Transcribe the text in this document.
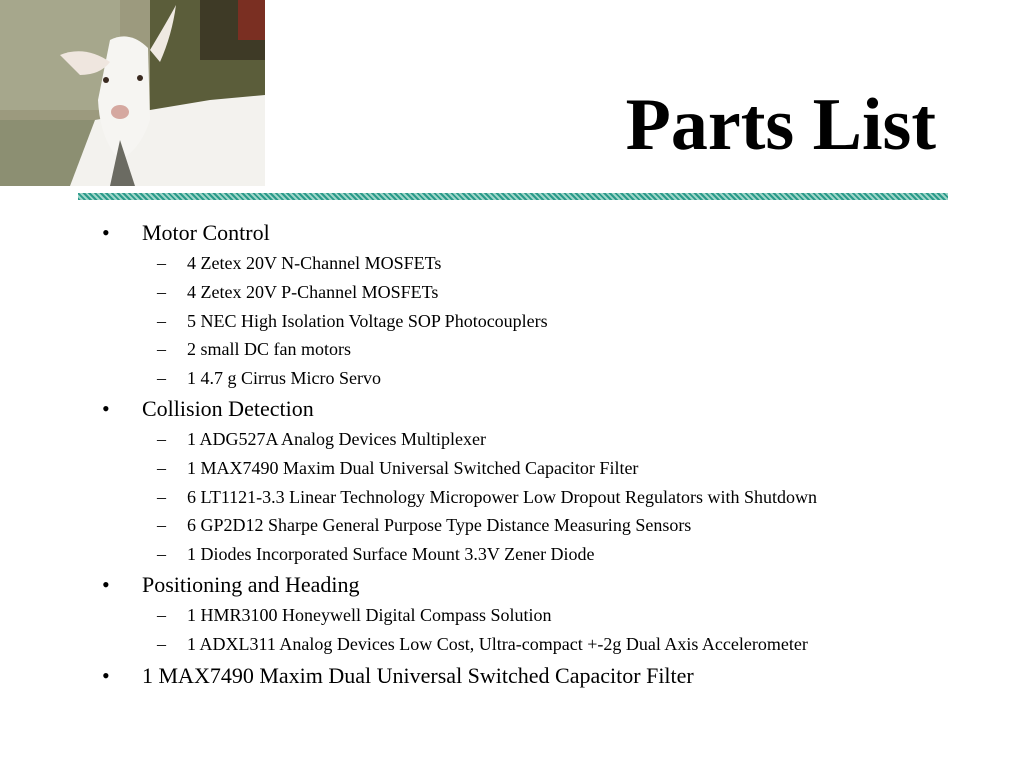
Parts List
• Motor Control
– 4 Zetex 20V N-Channel MOSFETs
– 4 Zetex 20V P-Channel MOSFETs
– 5 NEC High Isolation Voltage SOP Photocouplers
– 2 small DC fan motors
– 1 4.7 g Cirrus Micro Servo
• Collision Detection
– 1 ADG527A Analog Devices Multiplexer
– 1 MAX7490 Maxim Dual Universal Switched Capacitor Filter
– 6 LT1121-3.3 Linear Technology Micropower Low Dropout Regulators with Shutdown
– 6 GP2D12 Sharpe General Purpose Type Distance Measuring Sensors
– 1 Diodes Incorporated Surface Mount 3.3V Zener Diode
• Positioning and Heading
– 1 HMR3100 Honeywell Digital Compass Solution
– 1 ADXL311 Analog Devices Low Cost, Ultra-compact +-2g Dual Axis Accelerometer
• 1 MAX7490 Maxim Dual Universal Switched Capacitor Filter
